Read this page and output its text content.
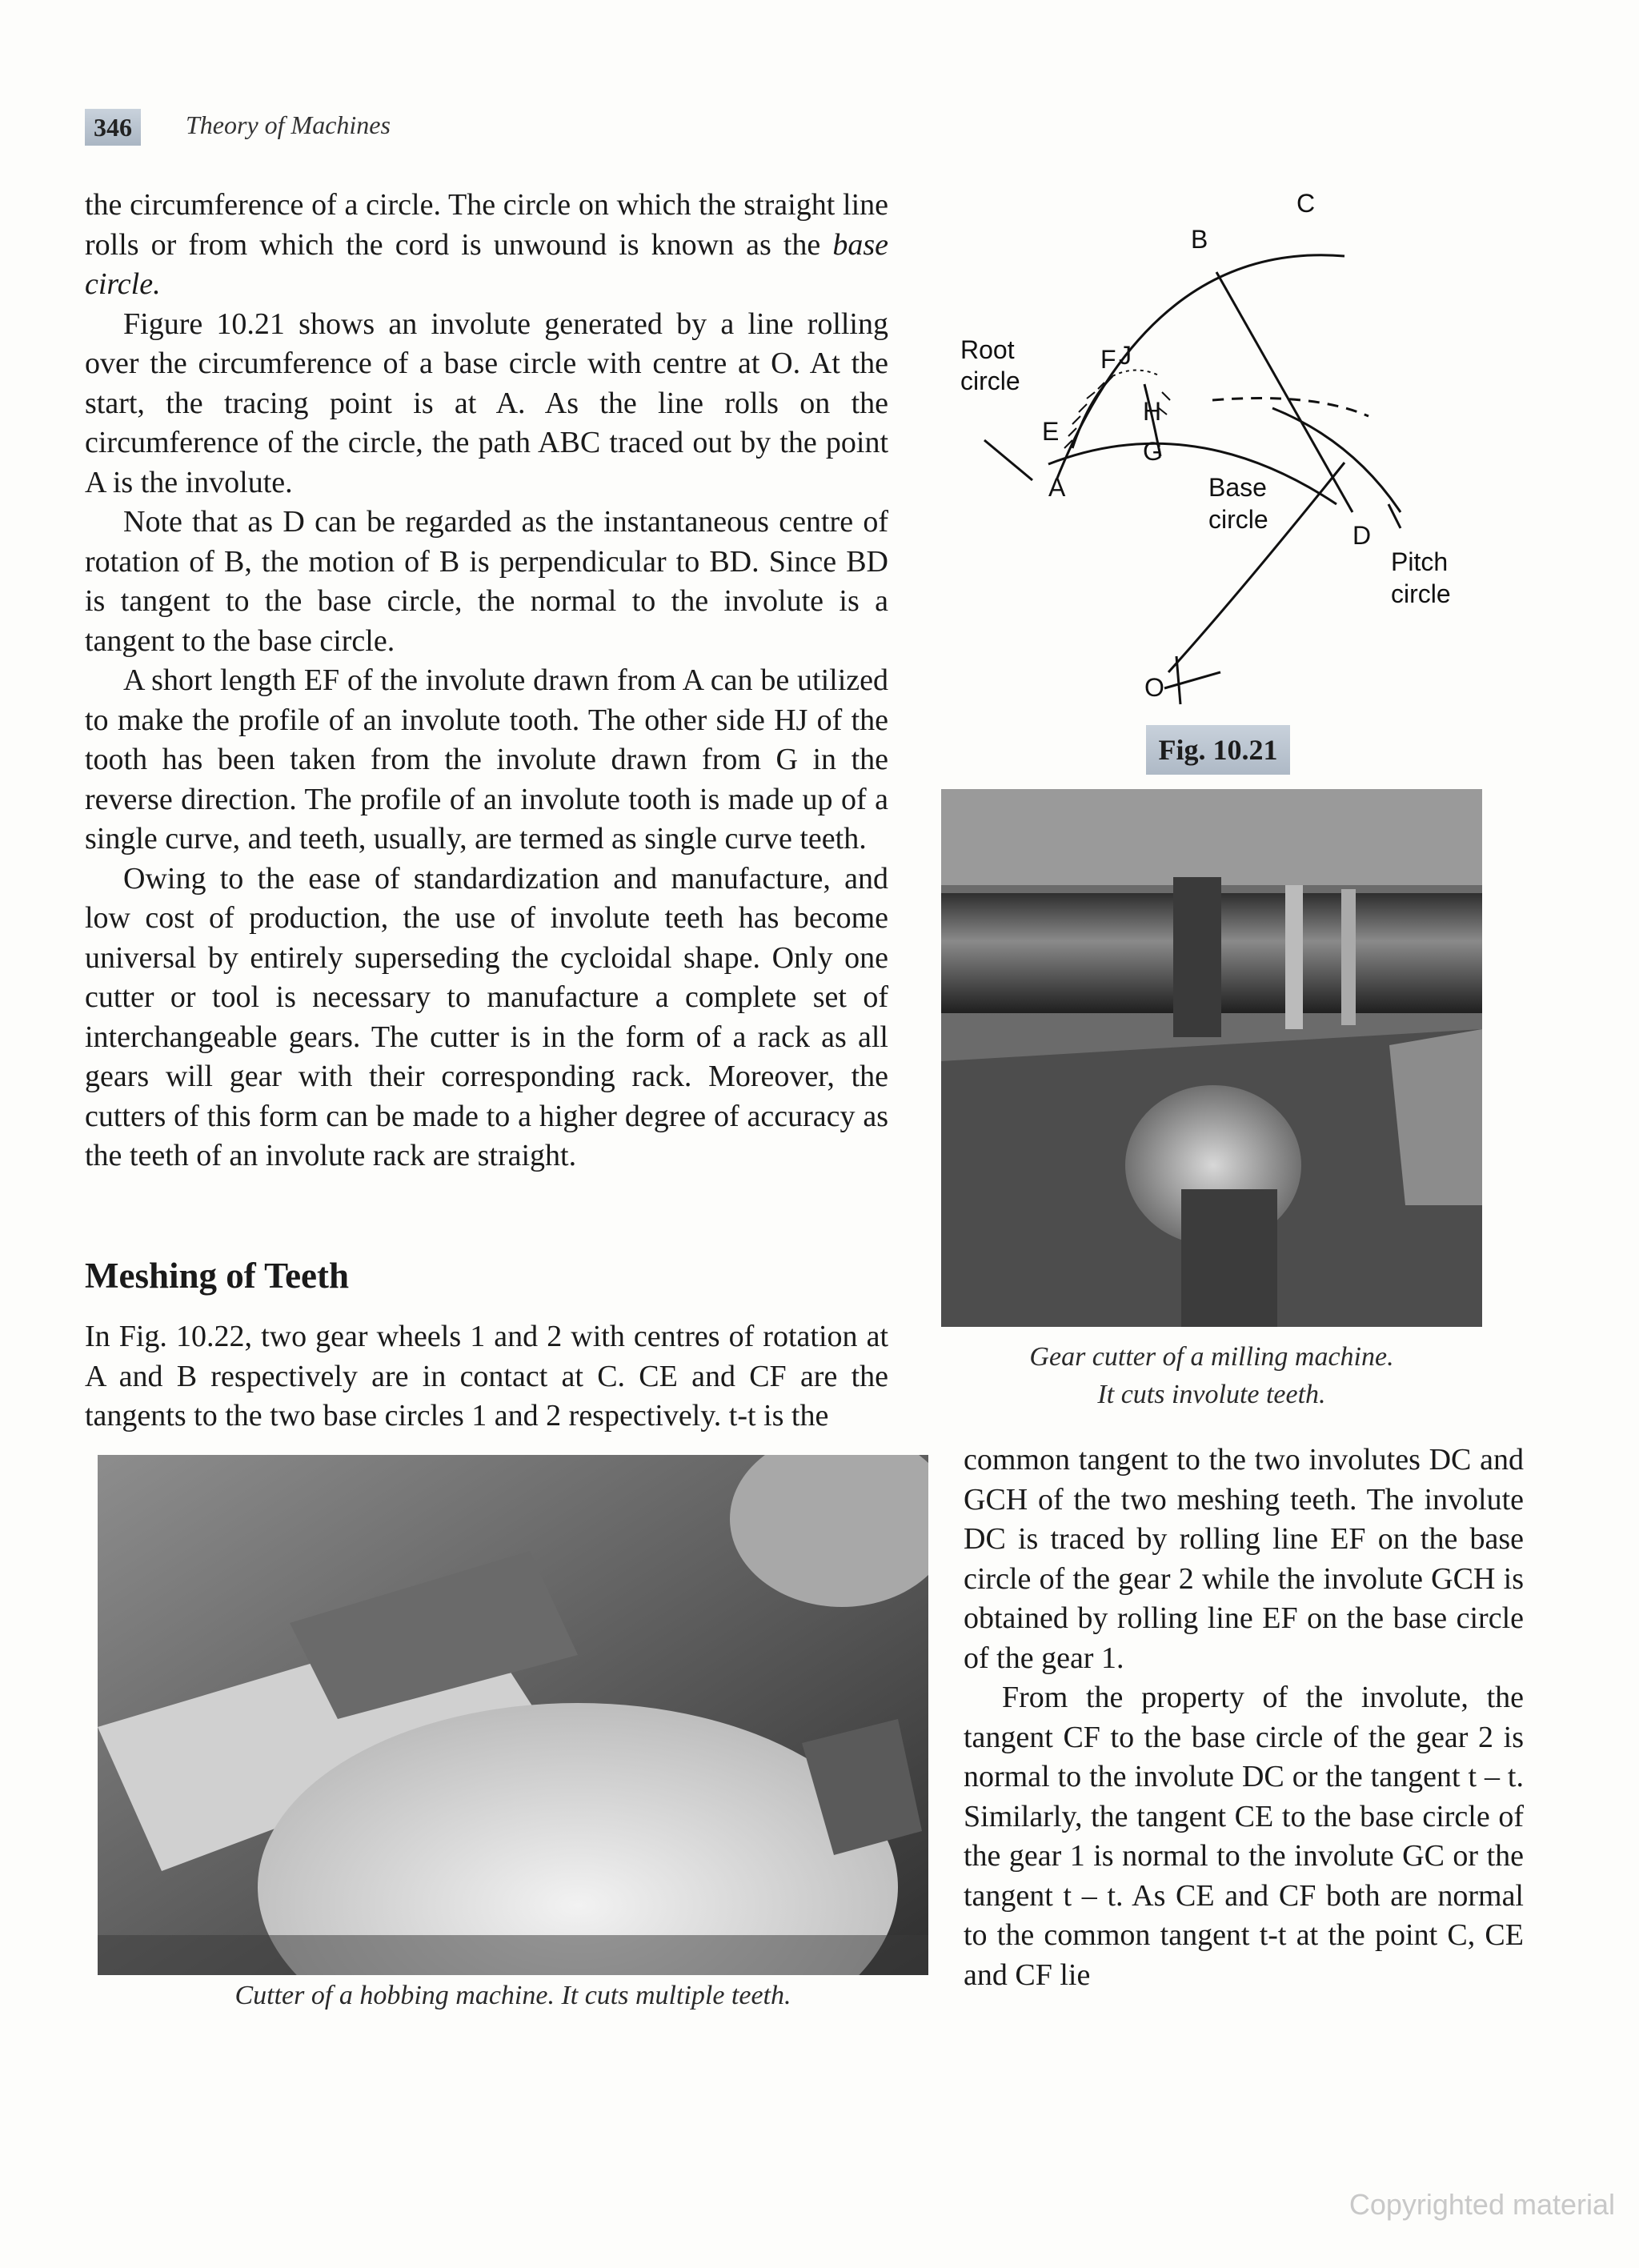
346	Theory of Machines

the circumference of a circle. The circle on which the straight line rolls or from which the cord is unwound is known as the base circle.

Figure 10.21 shows an involute generated by a line rolling over the circumference of a base circle with centre at O. At the start, the tracing point is at A. As the line rolls on the circumference of the circle, the path ABC traced out by the point A is the involute.

Note that as D can be regarded as the instantaneous centre of rotation of B, the motion of B is perpendicular to BD. Since BD is tangent to the base circle, the normal to the involute is a tangent to the base circle.

A short length EF of the involute drawn from A can be utilized to make the profile of an involute tooth. The other side HJ of the tooth has been taken from the involute drawn from G in the reverse direction. The profile of an involute tooth is made up of a single curve, and teeth, usually, are termed as single curve teeth.

Owing to the ease of standardization and manufacture, and low cost of production, the use of involute teeth has become universal by entirely superseding the cycloidal shape. Only one cutter or tool is necessary to manufacture a complete set of interchangeable gears. The cutter is in the form of a rack as all gears will gear with their corresponding rack. Moreover, the cutters of this form can be made to a higher degree of accuracy as the teeth of an involute rack are straight.

Meshing of Teeth
In Fig. 10.22, two gear wheels 1 and 2 with centres of rotation at A and B respectively are in contact at C. CE and CF are the tangents to the two base circles 1 and 2 respectively. t-t is the
C
B
F J
H
E
G
A
D
O
Root
circle
Base
circle
Pitch
circle
Fig. 10.21
Gear cutter of a milling machine.
It cuts involute teeth.

common tangent to the two involutes DC and GCH of the two meshing teeth. The involute DC is traced by rolling line EF on the base circle of the gear 2 while the involute GCH is obtained by rolling line EF on the base circle of the gear 1.

From the property of the involute, the tangent CF to the base circle of the gear 2 is normal to the involute DC or the tangent t – t. Similarly, the tangent CE to the base circle of the gear 1 is normal to the involute GC or the tangent t – t. As CE and CF both are normal to the common tangent t-t at the point C, CE and CF lie

Cutter of a hobbing machine. It cuts multiple teeth.
Copyrighted material
